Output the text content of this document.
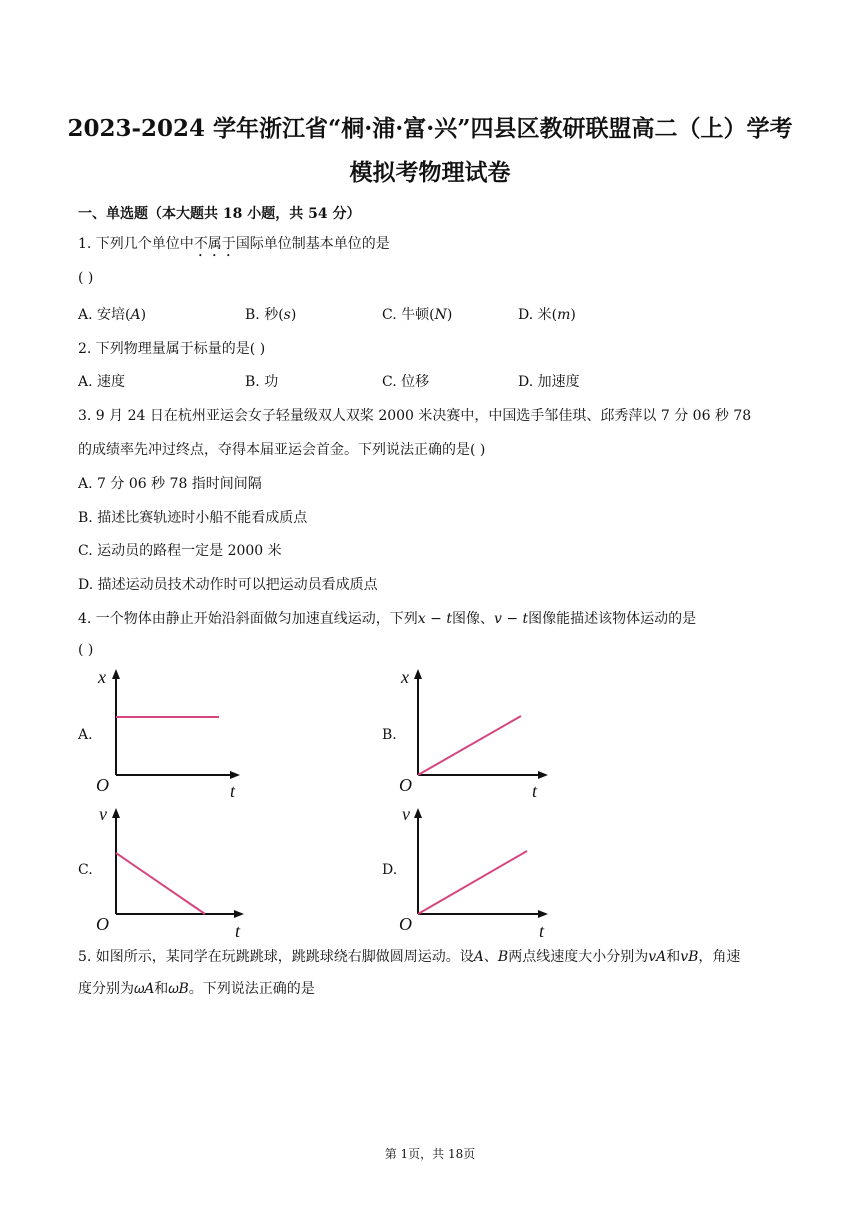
2023-2024 学年浙江省“桐·浦·富·兴”四县区教研联盟高二（上）学考
模拟考物理试卷
一、单选题（本大题共 18 小题，共 54 分）
1. 下列几个单位中不属于国际单位制基本单位的是
( )
A. 安培(𝐴)	B. 秒(𝑠)	C. 牛顿(𝑁)	D. 米(𝑚)
2. 下列物理量属于标量的是( )
A. 速度	B. 功	C. 位移	D. 加速度
3. 9 月 24 日在杭州亚运会女子轻量级双人双桨 2000 米决赛中，中国选手邹佳琪、邱秀萍以 7 分 06 秒 78
的成绩率先冲过终点，夺得本届亚运会首金。下列说法正确的是( )
A. 7 分 06 秒 78 指时间间隔
B. 描述比赛轨迹时小船不能看成质点
C. 运动员的路程一定是 2000 米
D. 描述运动员技术动作时可以把运动员看成质点
4. 一个物体由静止开始沿斜面做匀加速直线运动，下列𝑥 − 𝑡图像、𝑣 − 𝑡图像能描述该物体运动的是
( )
A.	B.
C.	D.
x
t
O
x
t
O
v
t
O
v
t
O
5. 如图所示，某同学在玩跳跳球，跳跳球绕右脚做圆周运动。设𝐴、𝐵两点线速度大小分别为𝑣𝐴和𝑣𝐵，角速
度分别为𝜔𝐴和𝜔𝐵。下列说法正确的是
第 1页，共 18页
